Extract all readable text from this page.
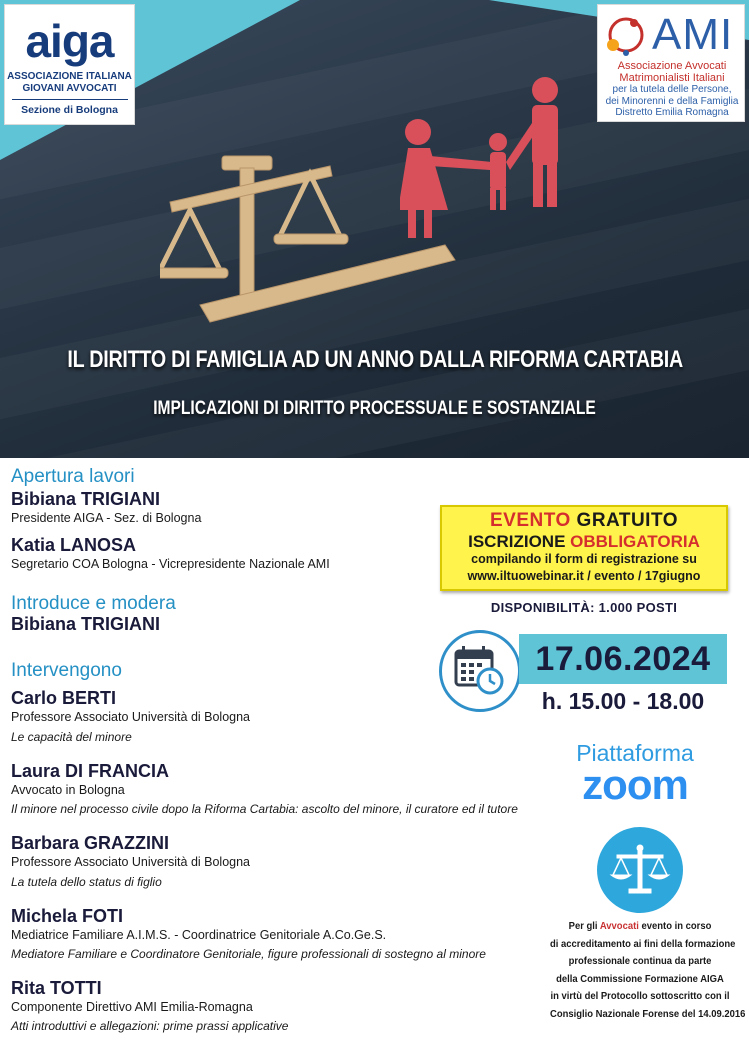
aiga
ASSOCIAZIONE ITALIANA
GIOVANI AVVOCATI
Sezione di Bologna
AMI
Associazione Avvocati
Matrimonialisti Italiani
per la tutela delle Persone,
dei Minorenni e della Famiglia
Distretto Emilia Romagna
IL DIRITTO DI FAMIGLIA AD UN ANNO DALLA RIFORMA CARTABIA
IMPLICAZIONI DI DIRITTO PROCESSUALE E SOSTANZIALE
Apertura lavori
Bibiana TRIGIANI
Presidente AIGA - Sez. di Bologna
Katia LANOSA
Segretario COA Bologna - Vicrepresidente Nazionale AMI
Introduce e modera
Bibiana TRIGIANI
Intervengono
Carlo BERTI
Professore Associato Università di Bologna
Le capacità del minore
Laura DI FRANCIA
Avvocato in Bologna
Il minore nel processo civile dopo la Riforma Cartabia: ascolto del minore, il curatore ed il tutore
Barbara GRAZZINI
Professore Associato Università di Bologna
La tutela dello status di figlio
Michela FOTI
Mediatrice Familiare A.I.M.S. - Coordinatrice Genitoriale A.Co.Ge.S.
Mediatore Familiare e Coordinatore Genitoriale, figure professionali di sostegno al minore
Rita TOTTI
Componente Direttivo AMI Emilia-Romagna
Atti introduttivi e allegazioni: prime prassi applicative
EVENTO GRATUITO
ISCRIZIONE OBBLIGATORIA
compilando il form di registrazione su
www.iltuowebinar.it / evento / 17giugno
DISPONIBILITÀ: 1.000 POSTI
17.06.2024
h. 15.00 - 18.00
Piattaforma
zoom
Per gli Avvocati evento in corso
di accreditamento ai fini della formazione
professionale continua da parte
della Commissione Formazione AIGA
in virtù del Protocollo sottoscritto con il
Consiglio Nazionale Forense del 14.09.2016
